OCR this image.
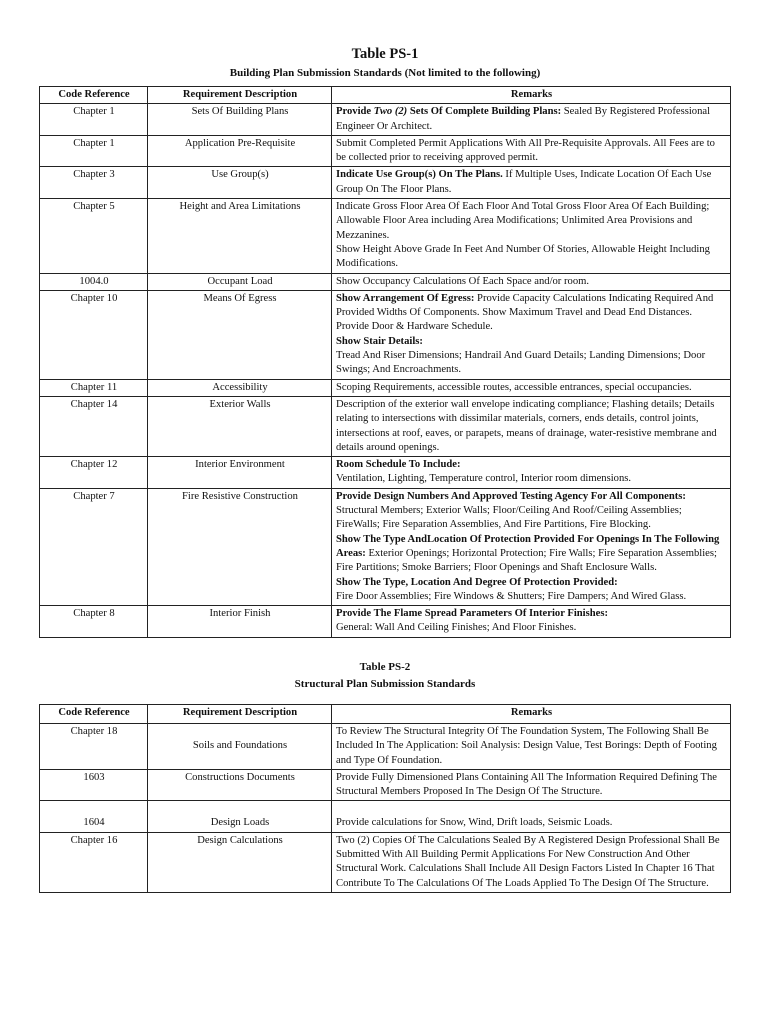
Table PS-1
Building Plan Submission Standards (Not limited to the following)
Code Reference	Requirement Description	Remarks

Chapter 1	Sets Of Building Plans	Provide Two (2) Sets Of Complete Building Plans: Sealed By Registered Professional Engineer Or Architect.

Chapter 1	Application Pre-Requisite	Submit Completed Permit Applications With All Pre-Requisite Approvals. All Fees are to be collected prior to receiving approved permit.

Chapter 3	Use Group(s)	Indicate Use Group(s) On The Plans. If Multiple Uses, Indicate Location Of Each Use Group On The Floor Plans.

Chapter 5	Height and Area Limitations	Indicate Gross Floor Area Of Each Floor And Total Gross Floor Area Of Each Building; Allowable Floor Area including Area Modifications; Unlimited Area Provisions and Mezzanines.
Show Height Above Grade In Feet And Number Of Stories, Allowable Height Including Modifications.

1004.0	Occupant Load	Show Occupancy Calculations Of Each Space and/or room.

Chapter 10	Means Of Egress	Show Arrangement Of Egress: Provide Capacity Calculations Indicating Required And Provided Widths Of Components. Show Maximum Travel and Dead End Distances. Provide Door & Hardware Schedule.
Show Stair Details:
Tread And Riser Dimensions; Handrail And Guard Details; Landing Dimensions; Door Swings; And Encroachments.

Chapter 11	Accessibility	Scoping Requirements, accessible routes, accessible entrances, special occupancies.

Chapter 14	Exterior Walls	Description of the exterior wall envelope indicating compliance; Flashing details; Details relating to intersections with dissimilar materials, corners, ends details, control joints, intersections at roof, eaves, or parapets, means of drainage, water-resistive membrane and details around openings.

Chapter 12	Interior Environment	Room Schedule To Include:
Ventilation, Lighting, Temperature control, Interior room dimensions.

Chapter 7	Fire Resistive Construction	Provide Design Numbers And Approved Testing Agency For All Components: Structural Members; Exterior Walls; Floor/Ceiling And Roof/Ceiling Assemblies; FireWalls; Fire Separation Assemblies, And Fire Partitions, Fire Blocking.
Show The Type AndLocation Of Protection Provided For Openings In The Following Areas: Exterior Openings; Horizontal Protection; Fire Walls; Fire Separation Assemblies; Fire Partitions; Smoke Barriers; Floor Openings and Shaft Enclosure Walls.
Show The Type, Location And Degree Of Protection Provided:
Fire Door Assemblies; Fire Windows & Shutters; Fire Dampers; And Wired Glass.

Chapter 8	Interior Finish	Provide The Flame Spread Parameters Of Interior Finishes:
General: Wall And Ceiling Finishes; And Floor Finishes.
Table PS-2
Structural Plan Submission Standards
Code Reference	Requirement Description	Remarks

Chapter 18	Soils and Foundations	To Review The Structural Integrity Of The Foundation System, The Following Shall Be Included In The Application: Soil Analysis: Design Value, Test Borings: Depth of Footing and Type Of Foundation.

1603	Constructions Documents	Provide Fully Dimensioned Plans Containing All The Information Required Defining The Structural Members Proposed In The Design Of The Structure.

1604	Design Loads	Provide calculations for Snow, Wind, Drift loads, Seismic Loads.

Chapter 16	Design Calculations	Two (2) Copies Of The Calculations Sealed By A Registered Design Professional Shall Be Submitted With All Building Permit Applications For New Construction And Other Structural Work. Calculations Shall Include All Design Factors Listed In Chapter 16 That Contribute To The Calculations Of The Loads Applied To The Design Of The Structure.
